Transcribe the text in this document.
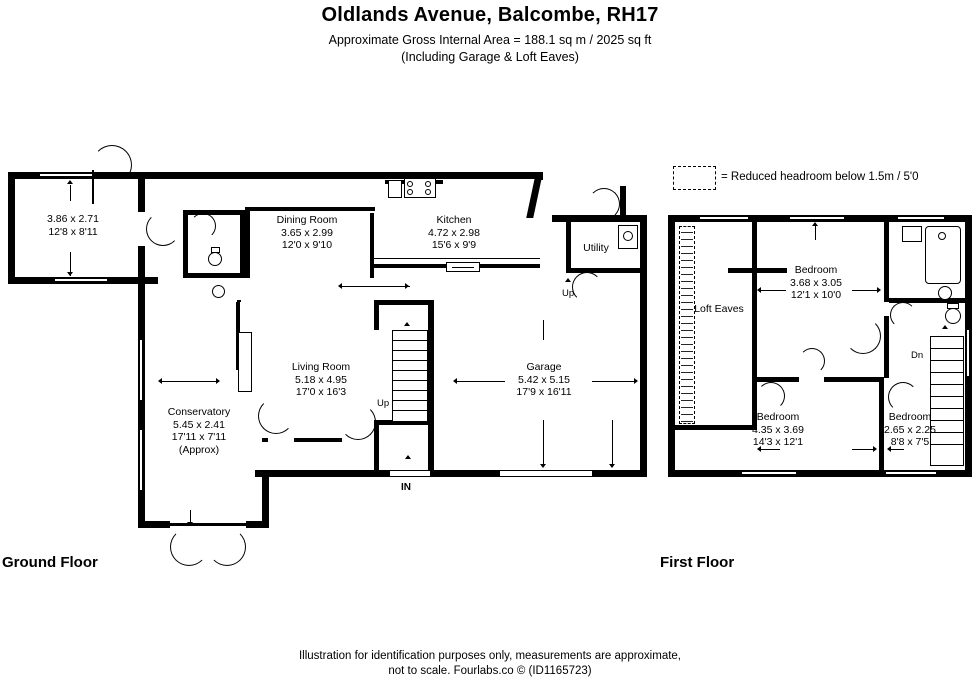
Oldlands Avenue, Balcombe, RH17
Approximate Gross Internal Area = 188.1 sq m / 2025 sq ft
(Including Garage & Loft Eaves)
= Reduced headroom below 1.5m / 5'0
IN
Up
Up
3.86 x 2.71
12'8 x 8'11
Dining Room
3.65 x 2.99
12'0 x 9'10
Kitchen
4.72 x 2.98
15'6 x 9'9	Utility
Living Room
5.18 x 4.95
17'0 x 16'3
Garage
5.42 x 5.15
17'9 x 16'11
Conservatory
5.45 x 2.41
17'11 x 7'11
(Approx)
Ground Floor
Dn
Loft Eaves
Bedroom
3.68 x 3.05
12'1 x 10'0
Bedroom
4.35 x 3.69
14'3 x 12'1
Bedroom
2.65 x 2.25
8'8 x 7'5
First Floor
Illustration for identification purposes only, measurements are approximate,
not to scale. Fourlabs.co © (ID1165723)
